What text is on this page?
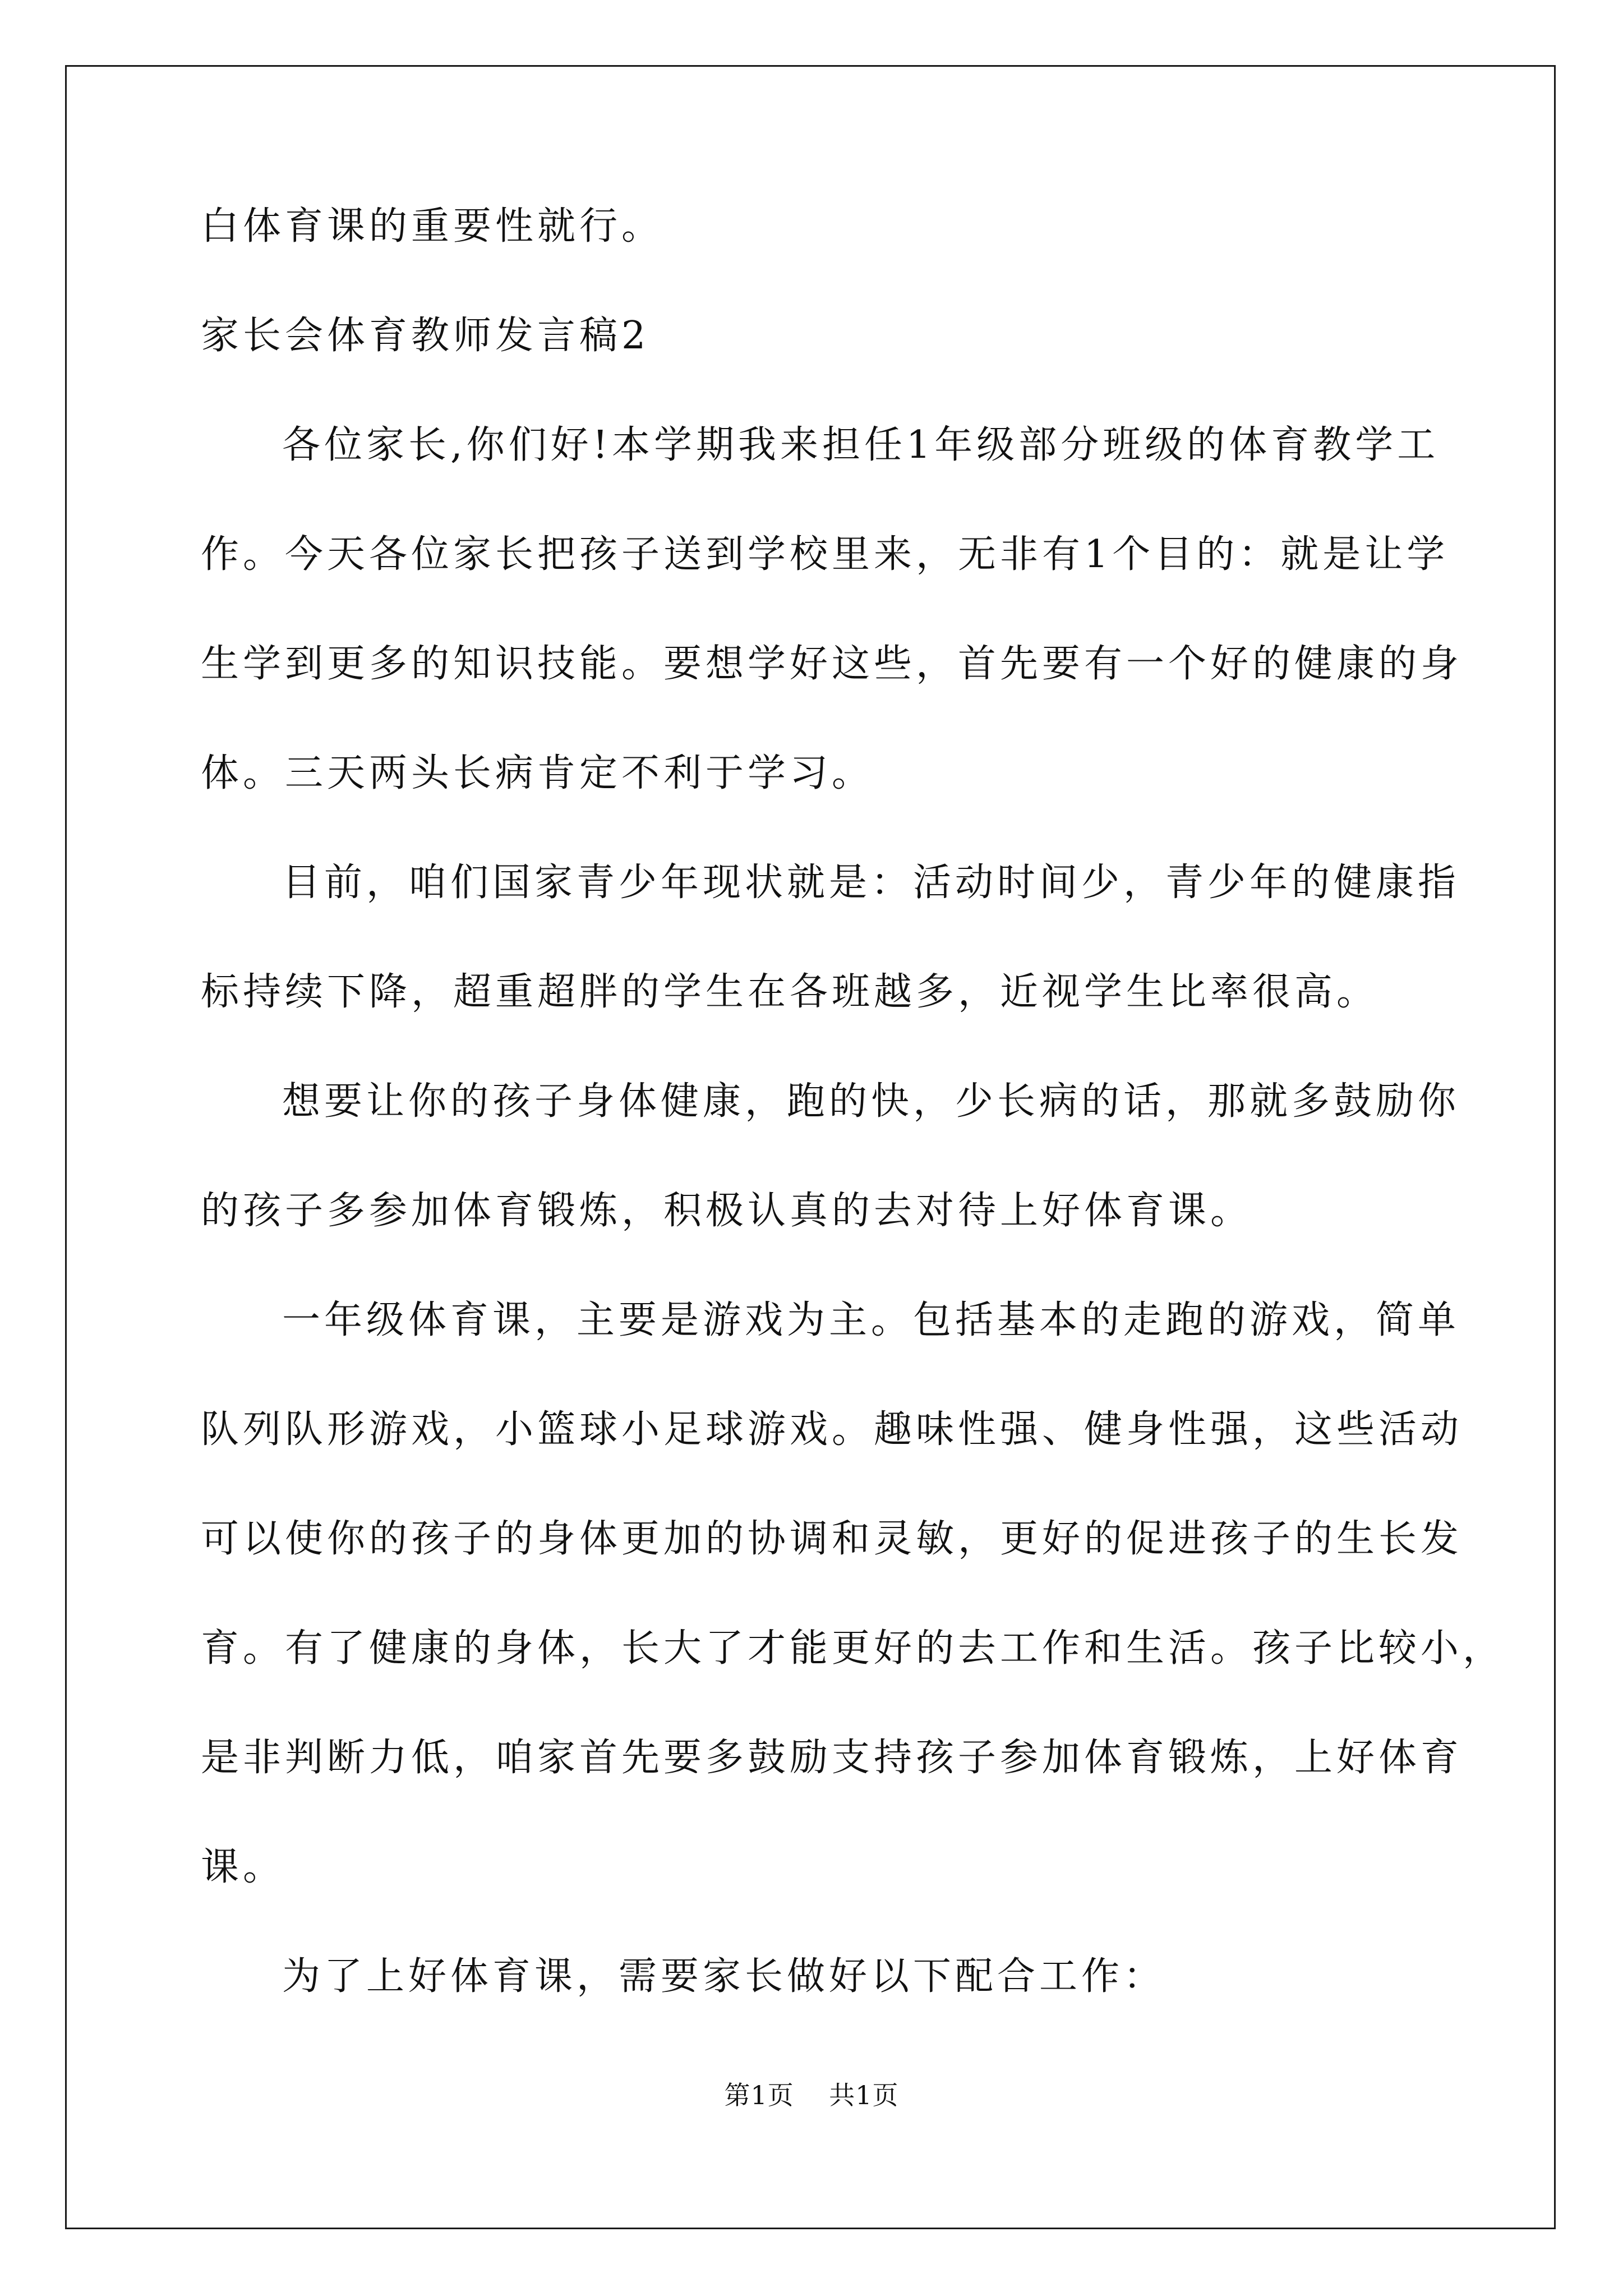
白体育课的重要性就行。

家长会体育教师发言稿2

各位家长,你们好!本学期我来担任1年级部分班级的体育教学工

作。今天各位家长把孩子送到学校里来，无非有1个目的：就是让学

生学到更多的知识技能。要想学好这些，首先要有一个好的健康的身

体。三天两头长病肯定不利于学习。

目前，咱们国家青少年现状就是：活动时间少，青少年的健康指

标持续下降，超重超胖的学生在各班越多，近视学生比率很高。

想要让你的孩子身体健康，跑的快，少长病的话，那就多鼓励你

的孩子多参加体育锻炼，积极认真的去对待上好体育课。

一年级体育课，主要是游戏为主。包括基本的走跑的游戏，简单

队列队形游戏，小篮球小足球游戏。趣味性强、健身性强，这些活动

可以使你的孩子的身体更加的协调和灵敏，更好的促进孩子的生长发

育。有了健康的身体，长大了才能更好的去工作和生活。孩子比较小，

是非判断力低，咱家首先要多鼓励支持孩子参加体育锻炼，上好体育

课。

为了上好体育课，需要家长做好以下配合工作：

第1页 共1页
